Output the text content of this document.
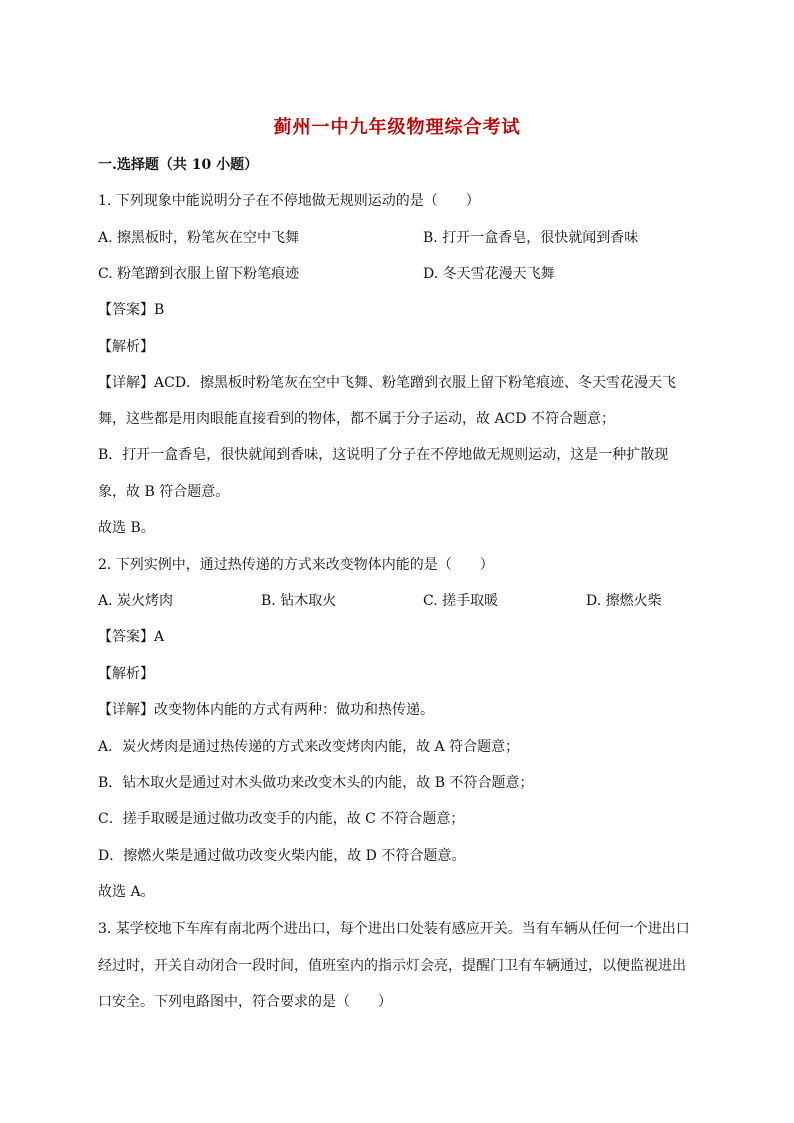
蓟州一中九年级物理综合考试
一.选择题（共 10 小题）
1. 下列现象中能说明分子在不停地做无规则运动的是（　　）
A. 擦黑板时，粉笔灰在空中飞舞	B. 打开一盒香皂，很快就闻到香味
C. 粉笔蹭到衣服上留下粉笔痕迹	D. 冬天雪花漫天飞舞
【答案】B
【解析】
【详解】ACD．擦黑板时粉笔灰在空中飞舞、粉笔蹭到衣服上留下粉笔痕迹、冬天雪花漫天飞
舞，这些都是用肉眼能直接看到的物体，都不属于分子运动，故 ACD 不符合题意；
B．打开一盒香皂，很快就闻到香味，这说明了分子在不停地做无规则运动，这是一种扩散现
象，故 B 符合题意。
故选 B。
2. 下列实例中，通过热传递的方式来改变物体内能的是（　　）
A. 炭火烤肉	B. 钻木取火	C. 搓手取暖	D. 擦燃火柴
【答案】A
【解析】
【详解】改变物体内能的方式有两种：做功和热传递。
A．炭火烤肉是通过热传递的方式来改变烤肉内能，故 A 符合题意；
B．钻木取火是通过对木头做功来改变木头的内能，故 B 不符合题意；
C．搓手取暖是通过做功改变手的内能，故 C 不符合题意；
D．擦燃火柴是通过做功改变火柴内能，故 D 不符合题意。
故选 A。
3. 某学校地下车库有南北两个进出口，每个进出口处装有感应开关。当有车辆从任何一个进出口
经过时，开关自动闭合一段时间，值班室内的指示灯会亮，提醒门卫有车辆通过，以便监视进出
口安全。下列电路图中，符合要求的是（　　）
